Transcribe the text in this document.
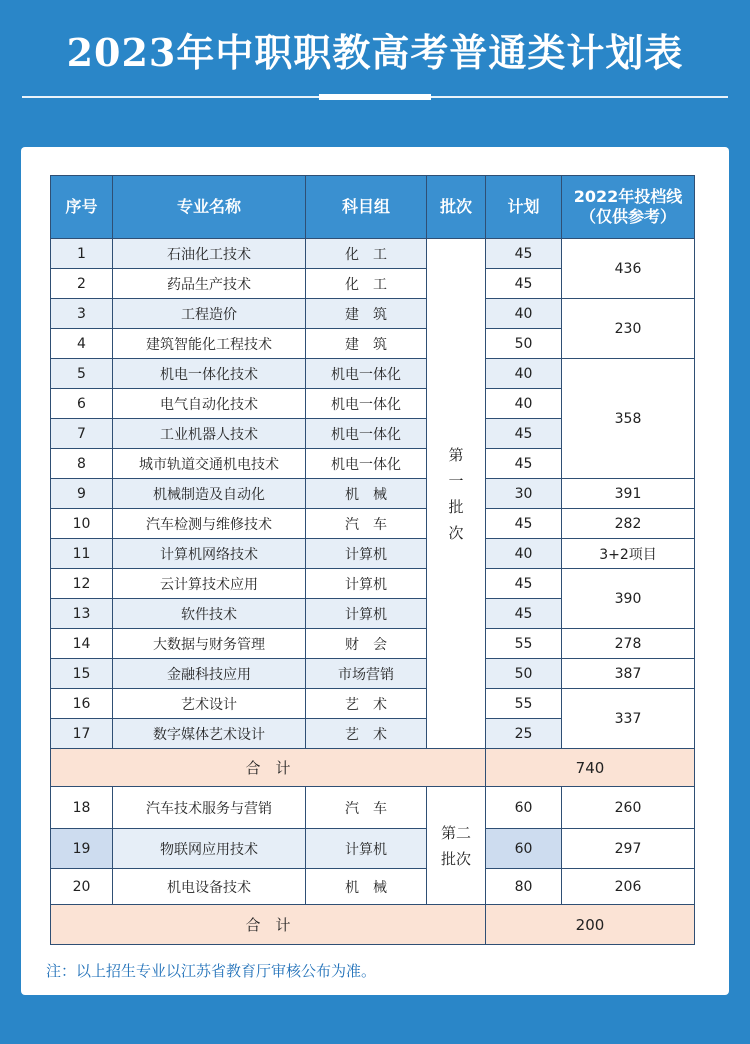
2023年中职职教高考普通类计划表
序号	专业名称	科目组	批次	计划	2022年投档线
（仅供参考）
1	石油化工技术	化　工	第一批次	45	436
2	药品生产技术	化　工		45	
3	工程造价	建　筑		40	230
4	建筑智能化工程技术	建　筑		50	
5	机电一体化技术	机电一体化		40	358
6	电气自动化技术	机电一体化		40	
7	工业机器人技术	机电一体化		45	
8	城市轨道交通机电技术	机电一体化		45	
9	机械制造及自动化	机　械		30	391
10	汽车检测与维修技术	汽　车		45	282
11	计算机网络技术	计算机		40	3+2项目
12	云计算技术应用	计算机		45	390
13	软件技术	计算机		45	
14	大数据与财务管理	财　会		55	278
15	金融科技应用	市场营销		50	387
16	艺术设计	艺　术		55	337
17	数字媒体艺术设计	艺　术		25	
合　计				740	
18	汽车技术服务与营销	汽　车	第二批次	60	260
19	物联网应用技术	计算机		60	297
20	机电设备技术	机　械		80	206
合　计				200	
注：以上招生专业以江苏省教育厅审核公布为准。
